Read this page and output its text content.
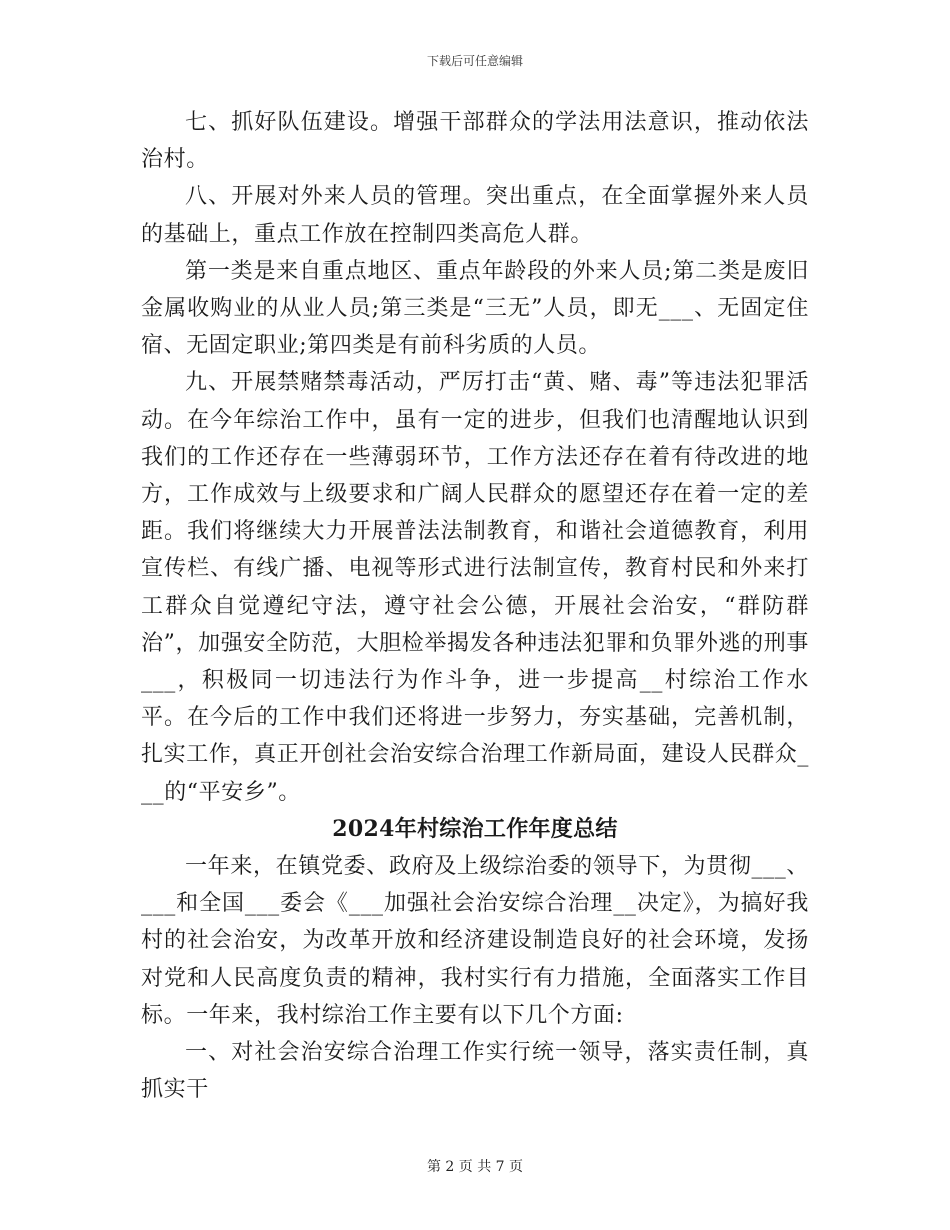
下载后可任意编辑

七、抓好队伍建设。增强干部群众的学法用法意识，推动依法治村。

八、开展对外来人员的管理。突出重点，在全面掌握外来人员的基础上，重点工作放在控制四类高危人群。

第一类是来自重点地区、重点年龄段的外来人员;第二类是废旧金属收购业的从业人员;第三类是“三无”人员，即无___、无固定住宿、无固定职业;第四类是有前科劣质的人员。

九、开展禁赌禁毒活动，严厉打击“黄、赌、毒”等违法犯罪活动。在今年综治工作中，虽有一定的进步，但我们也清醒地认识到我们的工作还存在一些薄弱环节，工作方法还存在着有待改进的地方，工作成效与上级要求和广阔人民群众的愿望还存在着一定的差距。我们将继续大力开展普法法制教育，和谐社会道德教育，利用宣传栏、有线广播、电视等形式进行法制宣传，教育村民和外来打工群众自觉遵纪守法，遵守社会公德，开展社会治安，“群防群治”，加强安全防范，大胆检举揭发各种违法犯罪和负罪外逃的刑事___，积极同一切违法行为作斗争，进一步提高__村综治工作水平。在今后的工作中我们还将进一步努力，夯实基础，完善机制，扎实工作，真正开创社会治安综合治理工作新局面，建设人民群众___的“平安乡”。

2024年村综治工作年度总结

一年来，在镇党委、政府及上级综治委的领导下，为贯彻___、___和全国___委会《___加强社会治安综合治理__决定》，为搞好我村的社会治安，为改革开放和经济建设制造良好的社会环境，发扬对党和人民高度负责的精神，我村实行有力措施，全面落实工作目标。一年来，我村综治工作主要有以下几个方面:

一、对社会治安综合治理工作实行统一领导，落实责任制，真抓实干

第 2 页 共 7 页
